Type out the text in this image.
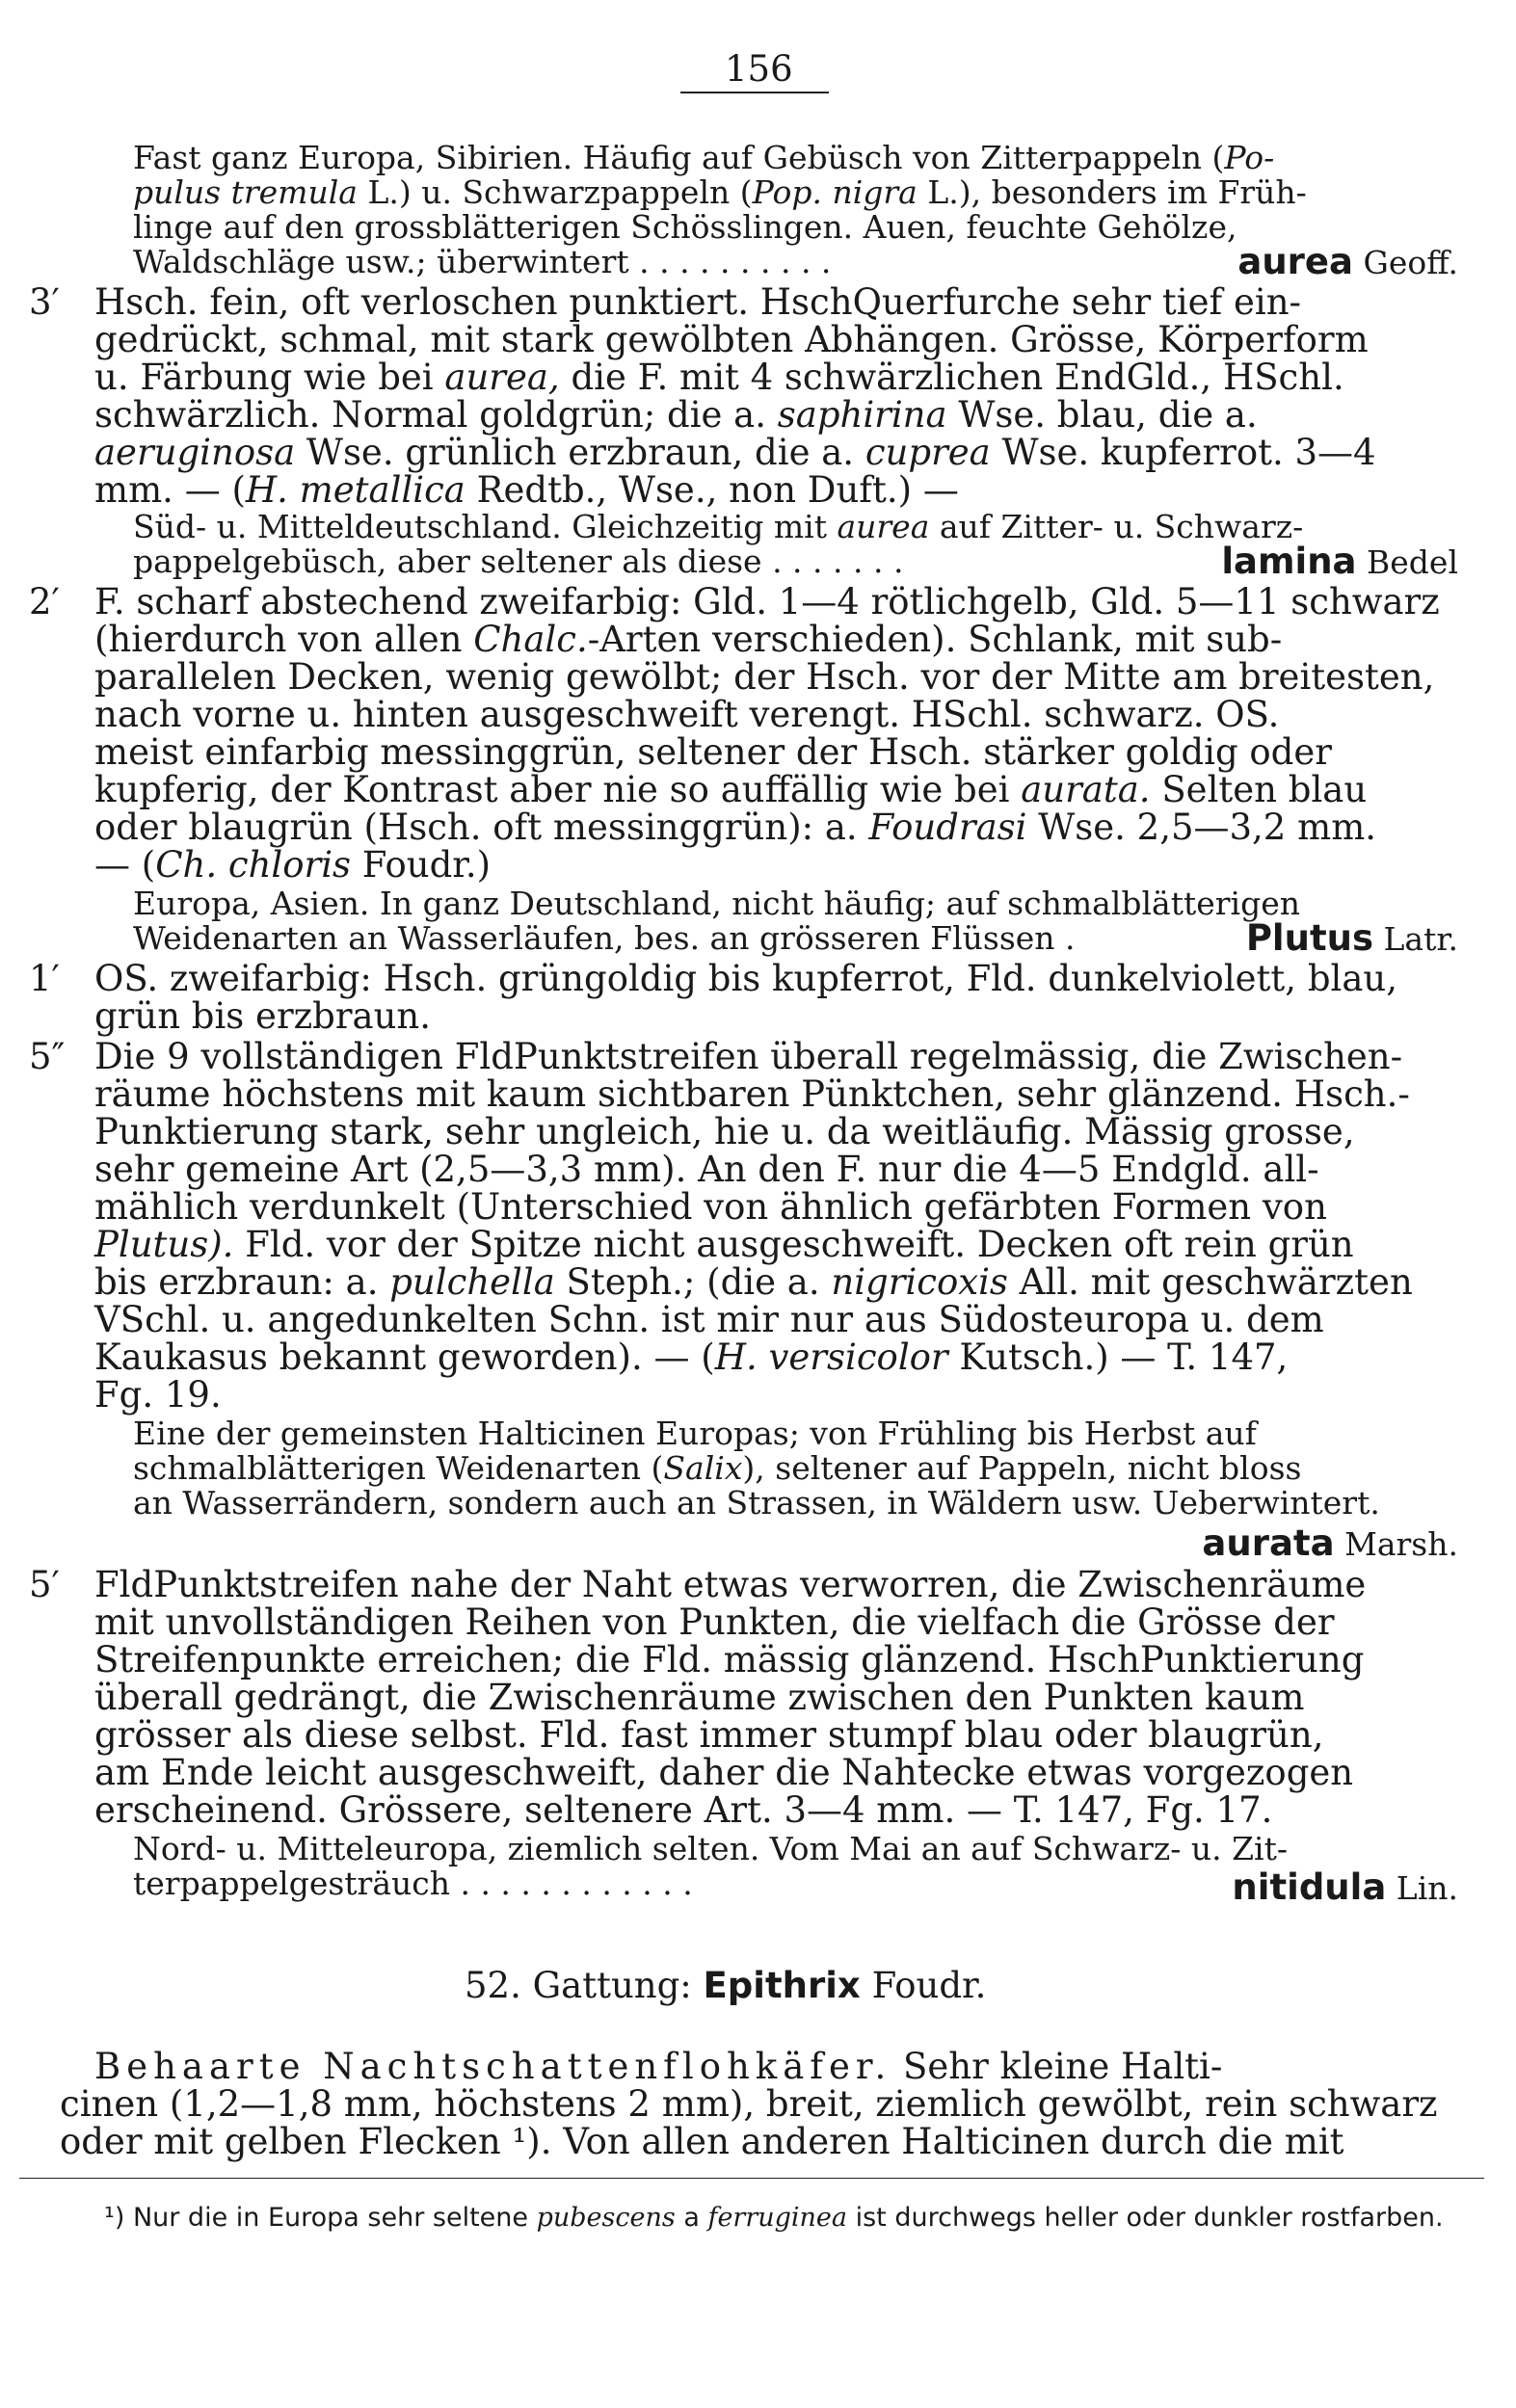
156
Fast ganz Europa, Sibirien. Häufig auf Gebüsch von Zitterpappeln (Po-
pulus tremula L.) u. Schwarzpappeln (Pop. nigra L.), besonders im Früh-
linge auf den grossblätterigen Schösslingen. Auen, feuchte Gehölze,
Waldschläge usw.; überwintert . . . . . . . . . .	aurea Geoff.
3′ Hsch. fein, oft verloschen punktiert. HschQuerfurche sehr tief ein-
gedrückt, schmal, mit stark gewölbten Abhängen. Grösse, Körperform
u. Färbung wie bei aurea, die F. mit 4 schwärzlichen EndGld., HSchl.
schwärzlich. Normal goldgrün; die a. saphirina Wse. blau, die a.
aeruginosa Wse. grünlich erzbraun, die a. cuprea Wse. kupferrot. 3—4
mm. — (H. metallica Redtb., Wse., non Duft.) —
Süd- u. Mitteldeutschland. Gleichzeitig mit aurea auf Zitter- u. Schwarz-
pappelgebüsch, aber seltener als diese . . . . . . .	lamina Bedel
2′ F. scharf abstechend zweifarbig: Gld. 1—4 rötlichgelb, Gld. 5—11 schwarz
(hierdurch von allen Chalc.-Arten verschieden). Schlank, mit sub-
parallelen Decken, wenig gewölbt; der Hsch. vor der Mitte am breitesten,
nach vorne u. hinten ausgeschweift verengt. HSchl. schwarz. OS.
meist einfarbig messinggrün, seltener der Hsch. stärker goldig oder
kupferig, der Kontrast aber nie so auffällig wie bei aurata. Selten blau
oder blaugrün (Hsch. oft messinggrün): a. Foudrasi Wse. 2,5—3,2 mm.
— (Ch. chloris Foudr.)
Europa, Asien. In ganz Deutschland, nicht häufig; auf schmalblätterigen
Weidenarten an Wasserläufen, bes. an grösseren Flüssen .	Plutus Latr.
1′ OS. zweifarbig: Hsch. grüngoldig bis kupferrot, Fld. dunkelviolett, blau,
grün bis erzbraun.
5″ Die 9 vollständigen FldPunktstreifen überall regelmässig, die Zwischen-
räume höchstens mit kaum sichtbaren Pünktchen, sehr glänzend. Hsch.-
Punktierung stark, sehr ungleich, hie u. da weitläufig. Mässig grosse,
sehr gemeine Art (2,5—3,3 mm). An den F. nur die 4—5 Endgld. all-
mählich verdunkelt (Unterschied von ähnlich gefärbten Formen von
Plutus). Fld. vor der Spitze nicht ausgeschweift. Decken oft rein grün
bis erzbraun: a. pulchella Steph.; (die a. nigricoxis All. mit geschwärzten
VSchl. u. angedunkelten Schn. ist mir nur aus Südosteuropa u. dem
Kaukasus bekannt geworden). — (H. versicolor Kutsch.) — T. 147,
Fg. 19.
Eine der gemeinsten Halticinen Europas; von Frühling bis Herbst auf
schmalblätterigen Weidenarten (Salix), seltener auf Pappeln, nicht bloss
an Wasserrändern, sondern auch an Strassen, in Wäldern usw. Ueberwintert.
aurata Marsh.
5′ FldPunktstreifen nahe der Naht etwas verworren, die Zwischenräume
mit unvollständigen Reihen von Punkten, die vielfach die Grösse der
Streifenpunkte erreichen; die Fld. mässig glänzend. HschPunktierung
überall gedrängt, die Zwischenräume zwischen den Punkten kaum
grösser als diese selbst. Fld. fast immer stumpf blau oder blaugrün,
am Ende leicht ausgeschweift, daher die Nahtecke etwas vorgezogen
erscheinend. Grössere, seltenere Art. 3—4 mm. — T. 147, Fg. 17.
Nord- u. Mitteleuropa, ziemlich selten. Vom Mai an auf Schwarz- u. Zit-
terpappelgesträuch . . . . . . . . . . . .	nitidula Lin.
52. Gattung: Epithrix Foudr.
Behaarte Nachtschattenflohkäfer. Sehr kleine Halti-
cinen (1,2—1,8 mm, höchstens 2 mm), breit, ziemlich gewölbt, rein schwarz
oder mit gelben Flecken ¹). Von allen anderen Halticinen durch die mit
¹) Nur die in Europa sehr seltene pubescens a ferruginea ist durchwegs heller oder dunkler rostfarben.
